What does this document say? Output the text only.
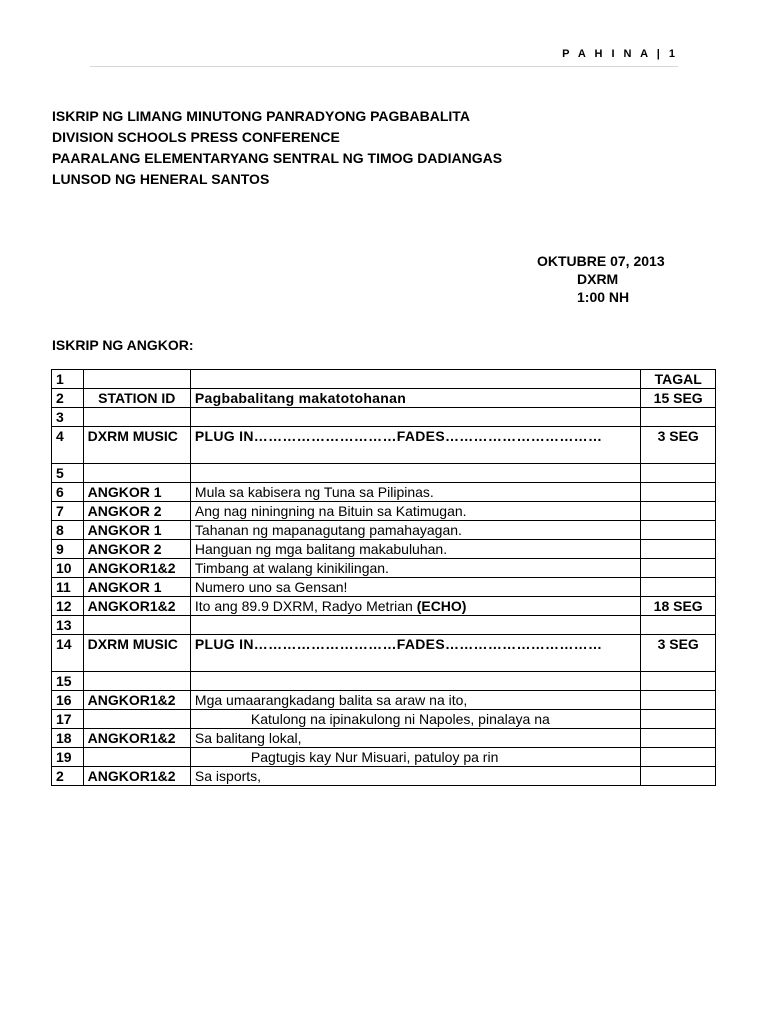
P A H I N A | 1
ISKRIP NG LIMANG MINUTONG PANRADYONG PAGBABALITA
DIVISION SCHOOLS PRESS CONFERENCE
PAARALANG ELEMENTARYANG SENTRAL NG TIMOG DADIANGAS
LUNSOD NG HENERAL SANTOS
OKTUBRE 07, 2013
DXRM
1:00 NH
ISKRIP NG ANGKOR:
1			TAGAL
2	STATION ID	Pagbabalitang makatotohanan	15 SEG
3			
4	DXRM MUSIC	PLUG IN…………………………FADES……………………………	3 SEG
5			
6	ANGKOR 1	Mula sa kabisera ng Tuna sa Pilipinas.	
7	ANGKOR 2	Ang nag niningning na Bituin sa Katimugan.	
8	ANGKOR 1	Tahanan ng mapanagutang pamahayagan.	
9	ANGKOR 2	Hanguan ng mga balitang makabuluhan.	
10	ANGKOR1&2	Timbang at walang kinikilingan.	
11	ANGKOR 1	Numero uno sa Gensan!	
12	ANGKOR1&2	Ito ang 89.9 DXRM, Radyo Metrian (ECHO)	18 SEG
13			
14	DXRM MUSIC	PLUG IN…………………………FADES……………………………	3 SEG
15			
16	ANGKOR1&2	Mga umaarangkadang balita sa araw na ito,	
17		Katulong na ipinakulong ni Napoles, pinalaya na	
18	ANGKOR1&2	Sa balitang lokal,	
19		Pagtugis kay Nur Misuari, patuloy pa rin	
2	ANGKOR1&2	Sa isports,	
